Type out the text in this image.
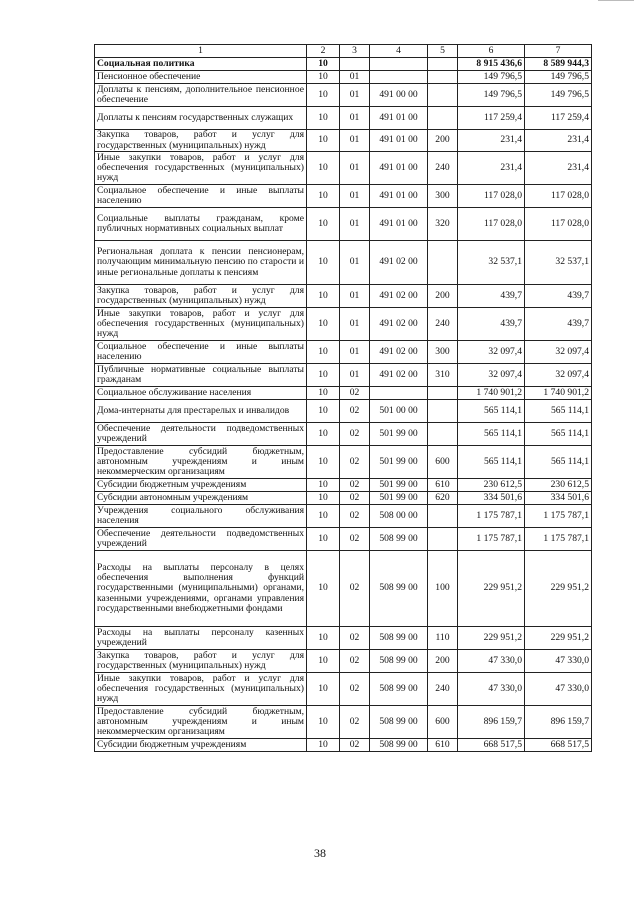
1	2	3	4	5	6	7
Социальная политика	10				8 915 436,6	8 589 944,3
Пенсионное обеспечение	10	01			149 796,5	149 796,5
Доплаты к пенсиям, дополнительное пенсионное обеспечение	10	01	491 00 00		149 796,5	149 796,5
Доплаты к пенсиям государственных служащих	10	01	491 01 00		117 259,4	117 259,4
Закупка товаров, работ и услуг для государственных (муниципальных) нужд	10	01	491 01 00	200	231,4	231,4
Иные закупки товаров, работ и услуг для обеспечения государственных (муниципальных) нужд	10	01	491 01 00	240	231,4	231,4
Социальное обеспечение и иные выплаты населению	10	01	491 01 00	300	117 028,0	117 028,0
Социальные выплаты гражданам, кроме публичных нормативных социальных выплат	10	01	491 01 00	320	117 028,0	117 028,0
Региональная доплата к пенсии пенсионерам, получающим минимальную пенсию по старости и иные региональные доплаты к пенсиям	10	01	491 02 00		32 537,1	32 537,1
Закупка товаров, работ и услуг для государственных (муниципальных) нужд	10	01	491 02 00	200	439,7	439,7
Иные закупки товаров, работ и услуг для обеспечения государственных (муниципальных) нужд	10	01	491 02 00	240	439,7	439,7
Социальное обеспечение и иные выплаты населению	10	01	491 02 00	300	32 097,4	32 097,4
Публичные нормативные социальные выплаты гражданам	10	01	491 02 00	310	32 097,4	32 097,4
Социальное обслуживание населения	10	02			1 740 901,2	1 740 901,2
Дома-интернаты для престарелых и инвалидов	10	02	501 00 00		565 114,1	565 114,1
Обеспечение деятельности подведомственных учреждений	10	02	501 99 00		565 114,1	565 114,1
Предоставление субсидий бюджетным, автономным учреждениям и иным некоммерческим организациям	10	02	501 99 00	600	565 114,1	565 114,1
Субсидии бюджетным учреждениям	10	02	501 99 00	610	230 612,5	230 612,5
Субсидии автономным учреждениям	10	02	501 99 00	620	334 501,6	334 501,6
Учреждения социального обслуживания населения	10	02	508 00 00		1 175 787,1	1 175 787,1
Обеспечение деятельности подведомственных учреждений	10	02	508 99 00		1 175 787,1	1 175 787,1
Расходы на выплаты персоналу в целях обеспечения выполнения функций государственными (муниципальными) органами, казенными учреждениями, органами управления государственными внебюджетными фондами	10	02	508 99 00	100	229 951,2	229 951,2
Расходы на выплаты персоналу казенных учреждений	10	02	508 99 00	110	229 951,2	229 951,2
Закупка товаров, работ и услуг для государственных (муниципальных) нужд	10	02	508 99 00	200	47 330,0	47 330,0
Иные закупки товаров, работ и услуг для обеспечения государственных (муниципальных) нужд	10	02	508 99 00	240	47 330,0	47 330,0
Предоставление субсидий бюджетным, автономным учреждениям и иным некоммерческим организациям	10	02	508 99 00	600	896 159,7	896 159,7
Субсидии бюджетным учреждениям	10	02	508 99 00	610	668 517,5	668 517,5
38
